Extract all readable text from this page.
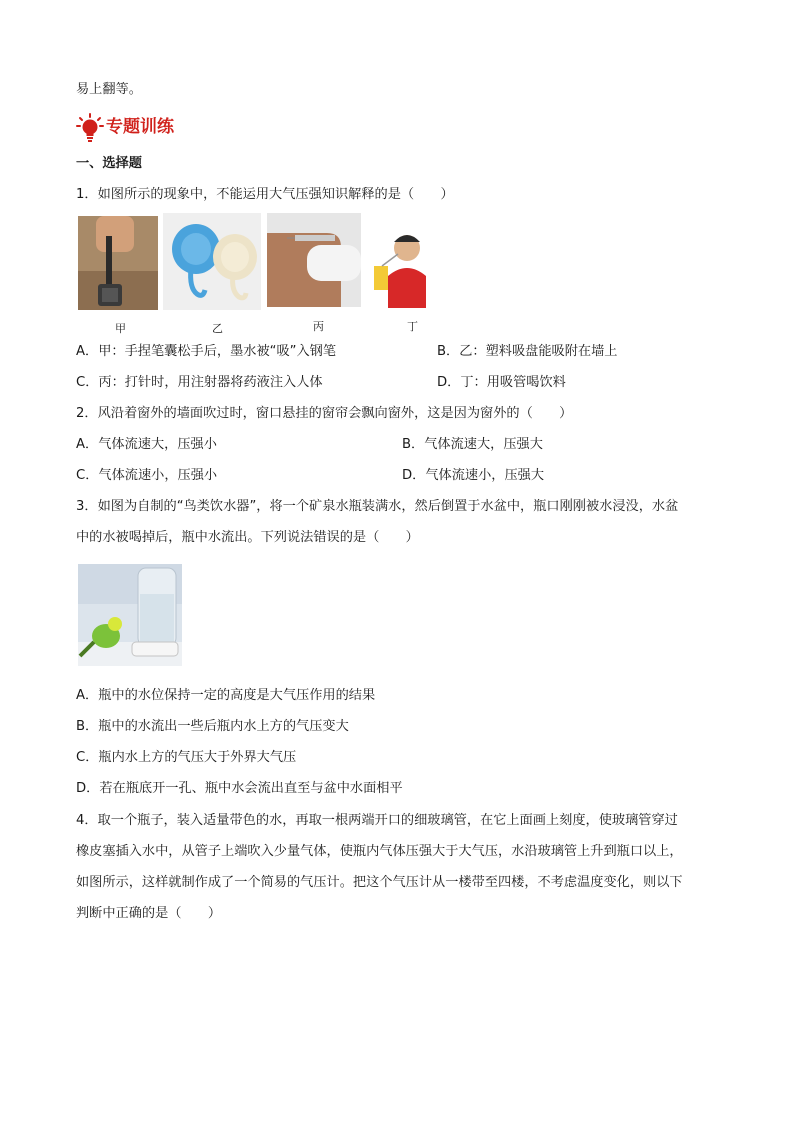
易上翻等。
专题训练
一、选择题
1．如图所示的现象中，不能运用大气压强知识解释的是（　　）
甲	乙	丙	丁
A．甲：手捏笔囊松手后，墨水被“吸”入钢笔	B．乙：塑料吸盘能吸附在墙上
C．丙：打针时，用注射器将药液注入人体	D．丁：用吸管喝饮料
2．风沿着窗外的墙面吹过时，窗口悬挂的窗帘会飘向窗外，这是因为窗外的（　　）
A．气体流速大，压强小	B．气体流速大，压强大
C．气体流速小，压强小	D．气体流速小，压强大
3．如图为自制的“鸟类饮水器”，将一个矿泉水瓶装满水，然后倒置于水盆中，瓶口刚刚被水浸没，水盆
中的水被喝掉后，瓶中水流出。下列说法错误的是（　　）
A．瓶中的水位保持一定的高度是大气压作用的结果
B．瓶中的水流出一些后瓶内水上方的气压变大
C．瓶内水上方的气压大于外界大气压
D．若在瓶底开一孔、瓶中水会流出直至与盆中水面相平
4．取一个瓶子，装入适量带色的水，再取一根两端开口的细玻璃管，在它上面画上刻度，使玻璃管穿过
橡皮塞插入水中，从管子上端吹入少量气体，使瓶内气体压强大于大气压，水沿玻璃管上升到瓶口以上，
如图所示，这样就制作成了一个简易的气压计。把这个气压计从一楼带至四楼，不考虑温度变化，则以下
判断中正确的是（　　）
